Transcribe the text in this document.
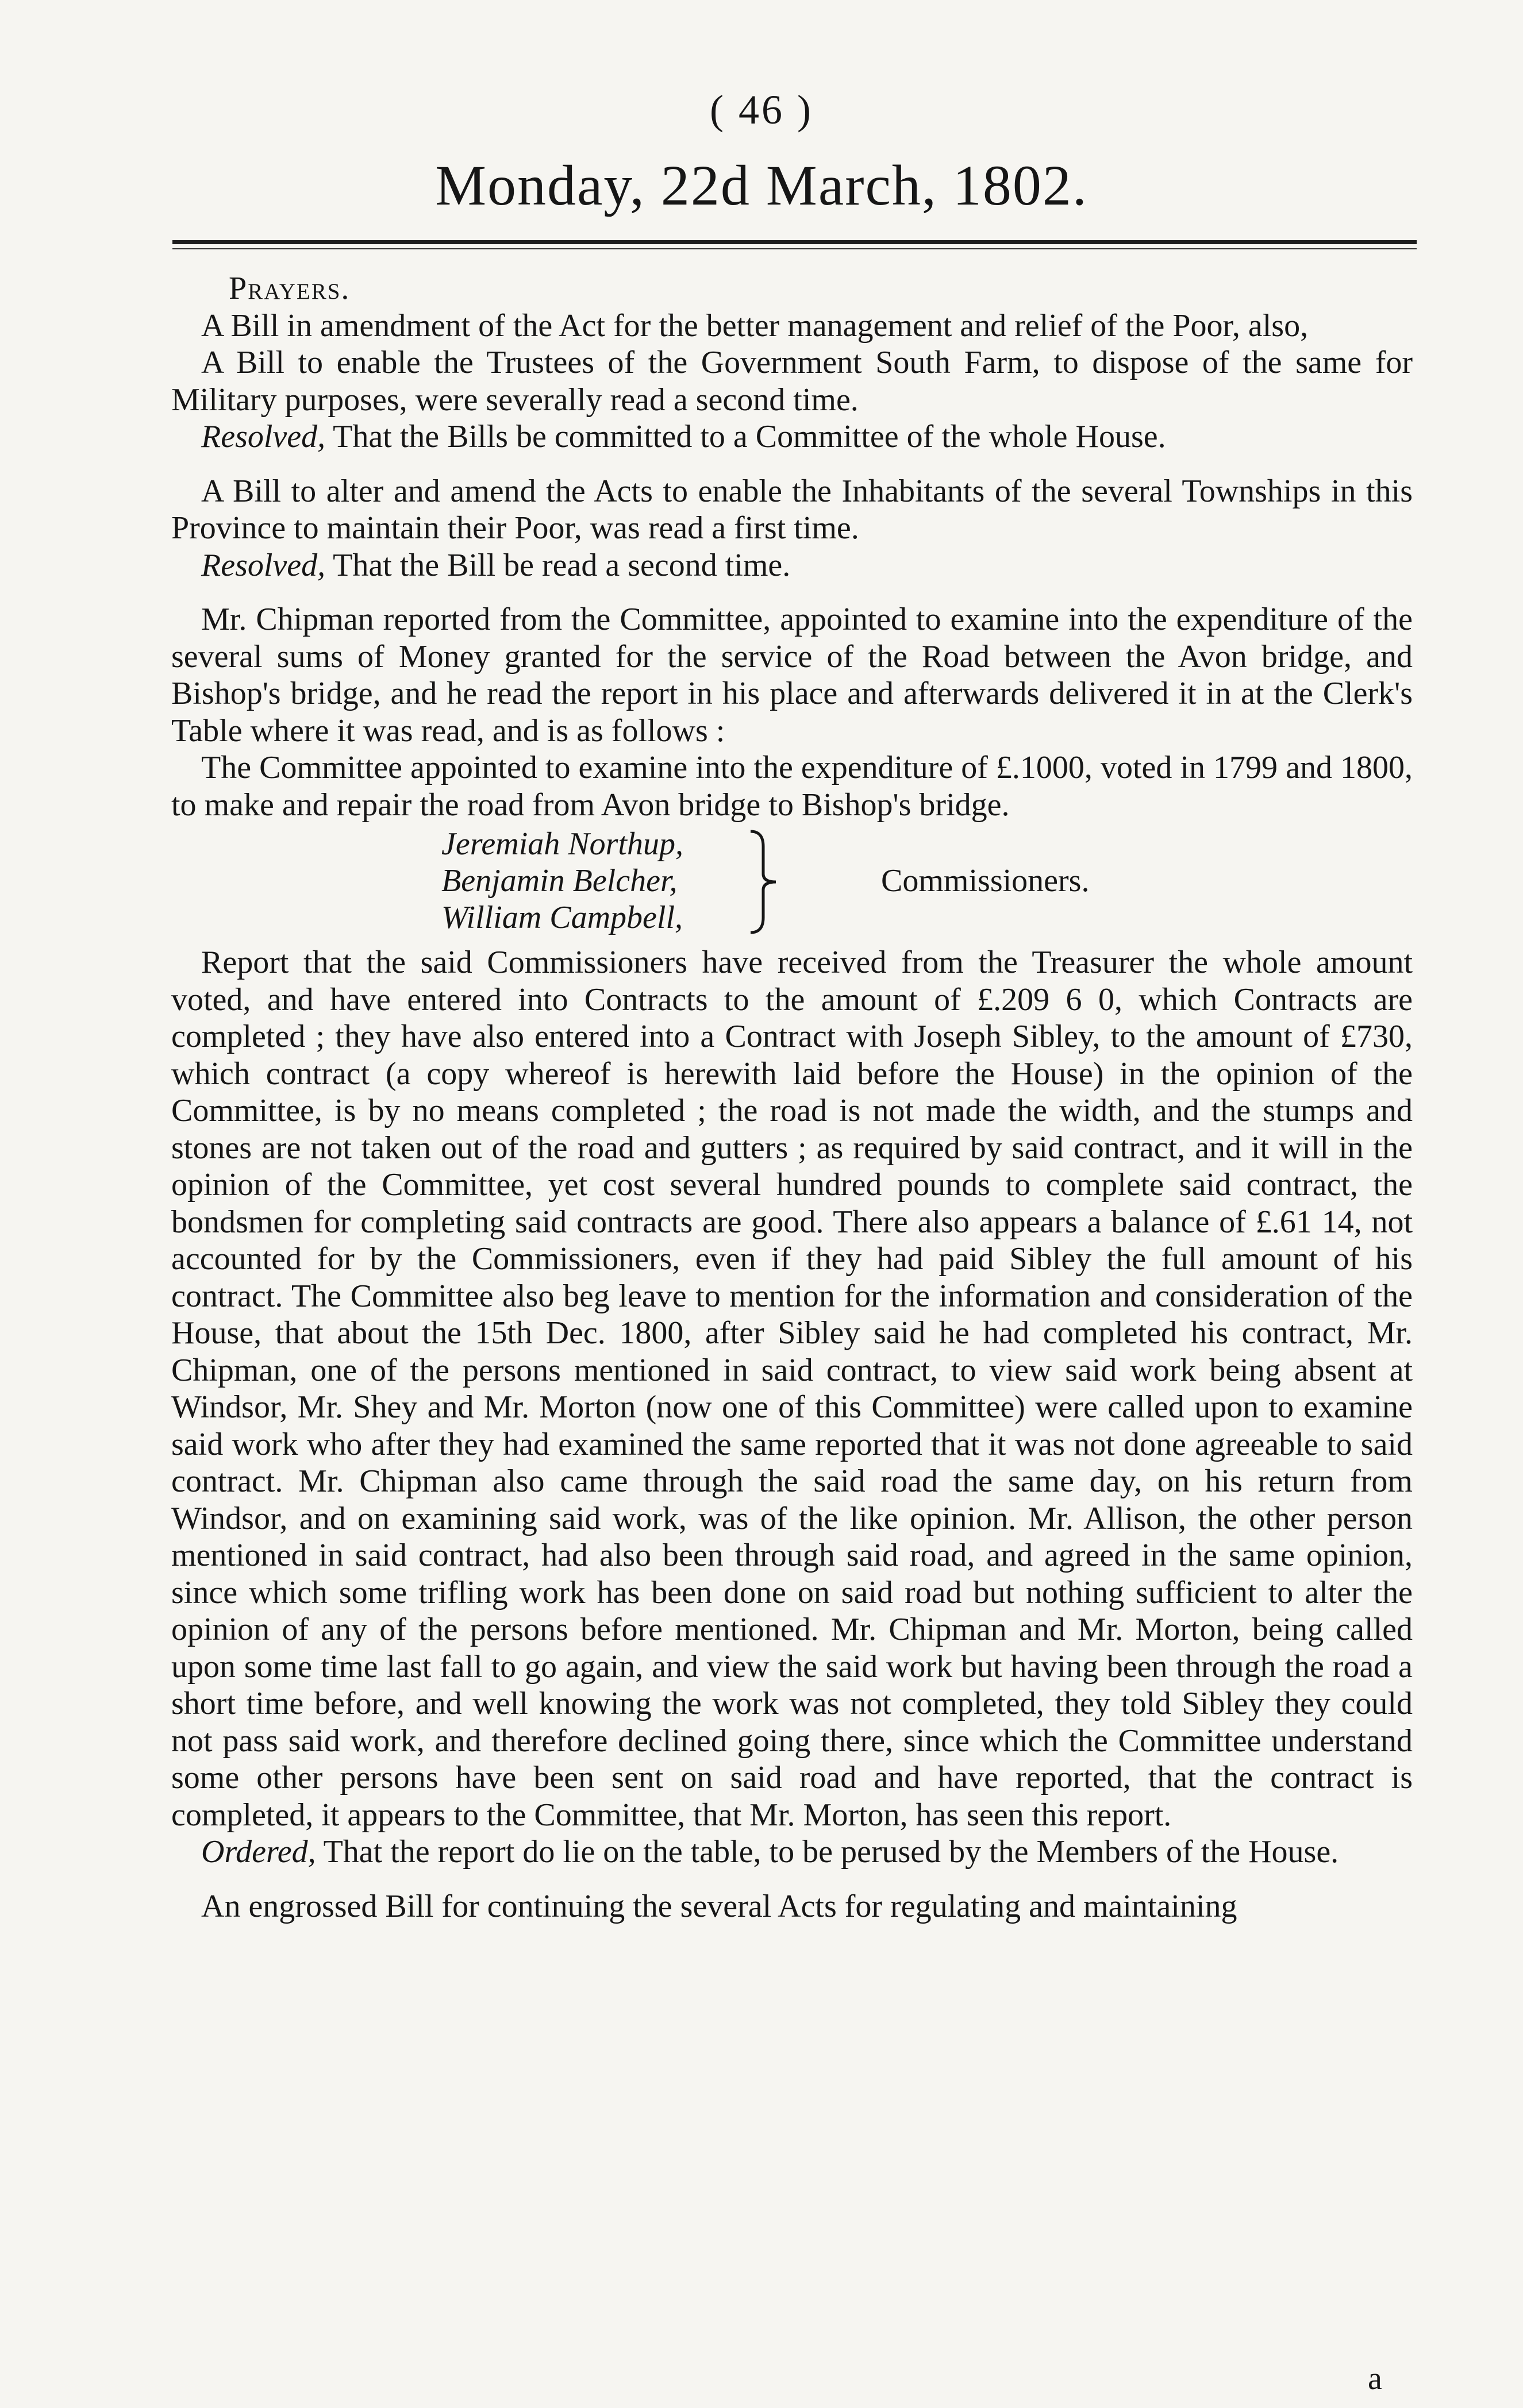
( 46 )
Monday, 22d March, 1802.

Prayers.

A Bill in amendment of the Act for the better management and relief of the Poor, also,

A Bill to enable the Trustees of the Government South Farm, to dispose of the same for Military purposes, were severally read a second time.

Resolved, That the Bills be committed to a Committee of the whole House.

A Bill to alter and amend the Acts to enable the Inhabitants of the several Townships in this Province to maintain their Poor, was read a first time.

Resolved, That the Bill be read a second time.

Mr. Chipman reported from the Committee, appointed to examine into the expenditure of the several sums of Money granted for the service of the Road between the Avon bridge, and Bishop's bridge, and he read the report in his place and afterwards delivered it in at the Clerk's Table where it was read, and is as follows :

The Committee appointed to examine into the expenditure of £.1000, voted in 1799 and 1800, to make and repair the road from Avon bridge to Bishop's bridge.

Jeremiah Northup,
Benjamin Belcher,
William Campbell,
Commissioners.

Report that the said Commissioners have received from the Treasurer the whole amount voted, and have entered into Contracts to the amount of £.209 6 0, which Contracts are completed ; they have also entered into a Contract with Joseph Sibley, to the amount of £730, which contract (a copy whereof is herewith laid before the House) in the opinion of the Committee, is by no means completed ; the road is not made the width, and the stumps and stones are not taken out of the road and gutters ; as required by said contract, and it will in the opinion of the Committee, yet cost several hundred pounds to complete said contract, the bondsmen for completing said contracts are good. There also appears a balance of £.61 14, not accounted for by the Commissioners, even if they had paid Sibley the full amount of his contract. The Committee also beg leave to mention for the information and consideration of the House, that about the 15th Dec. 1800, after Sibley said he had completed his contract, Mr. Chipman, one of the persons mentioned in said contract, to view said work being absent at Windsor, Mr. Shey and Mr. Morton (now one of this Committee) were called upon to examine said work who after they had examined the same reported that it was not done agreeable to said contract. Mr. Chipman also came through the said road the same day, on his return from Windsor, and on examining said work, was of the like opinion. Mr. Allison, the other person mentioned in said contract, had also been through said road, and agreed in the same opinion, since which some trifling work has been done on said road but nothing sufficient to alter the opinion of any of the persons before mentioned. Mr. Chipman and Mr. Morton, being called upon some time last fall to go again, and view the said work but having been through the road a short time before, and well knowing the work was not completed, they told Sibley they could not pass said work, and therefore declined going there, since which the Committee understand some other persons have been sent on said road and have reported, that the contract is completed, it appears to the Committee, that Mr. Morton, has seen this report.

Ordered, That the report do lie on the table, to be perused by the Members of the House.

An engrossed Bill for continuing the several Acts for regulating and maintaining

a
